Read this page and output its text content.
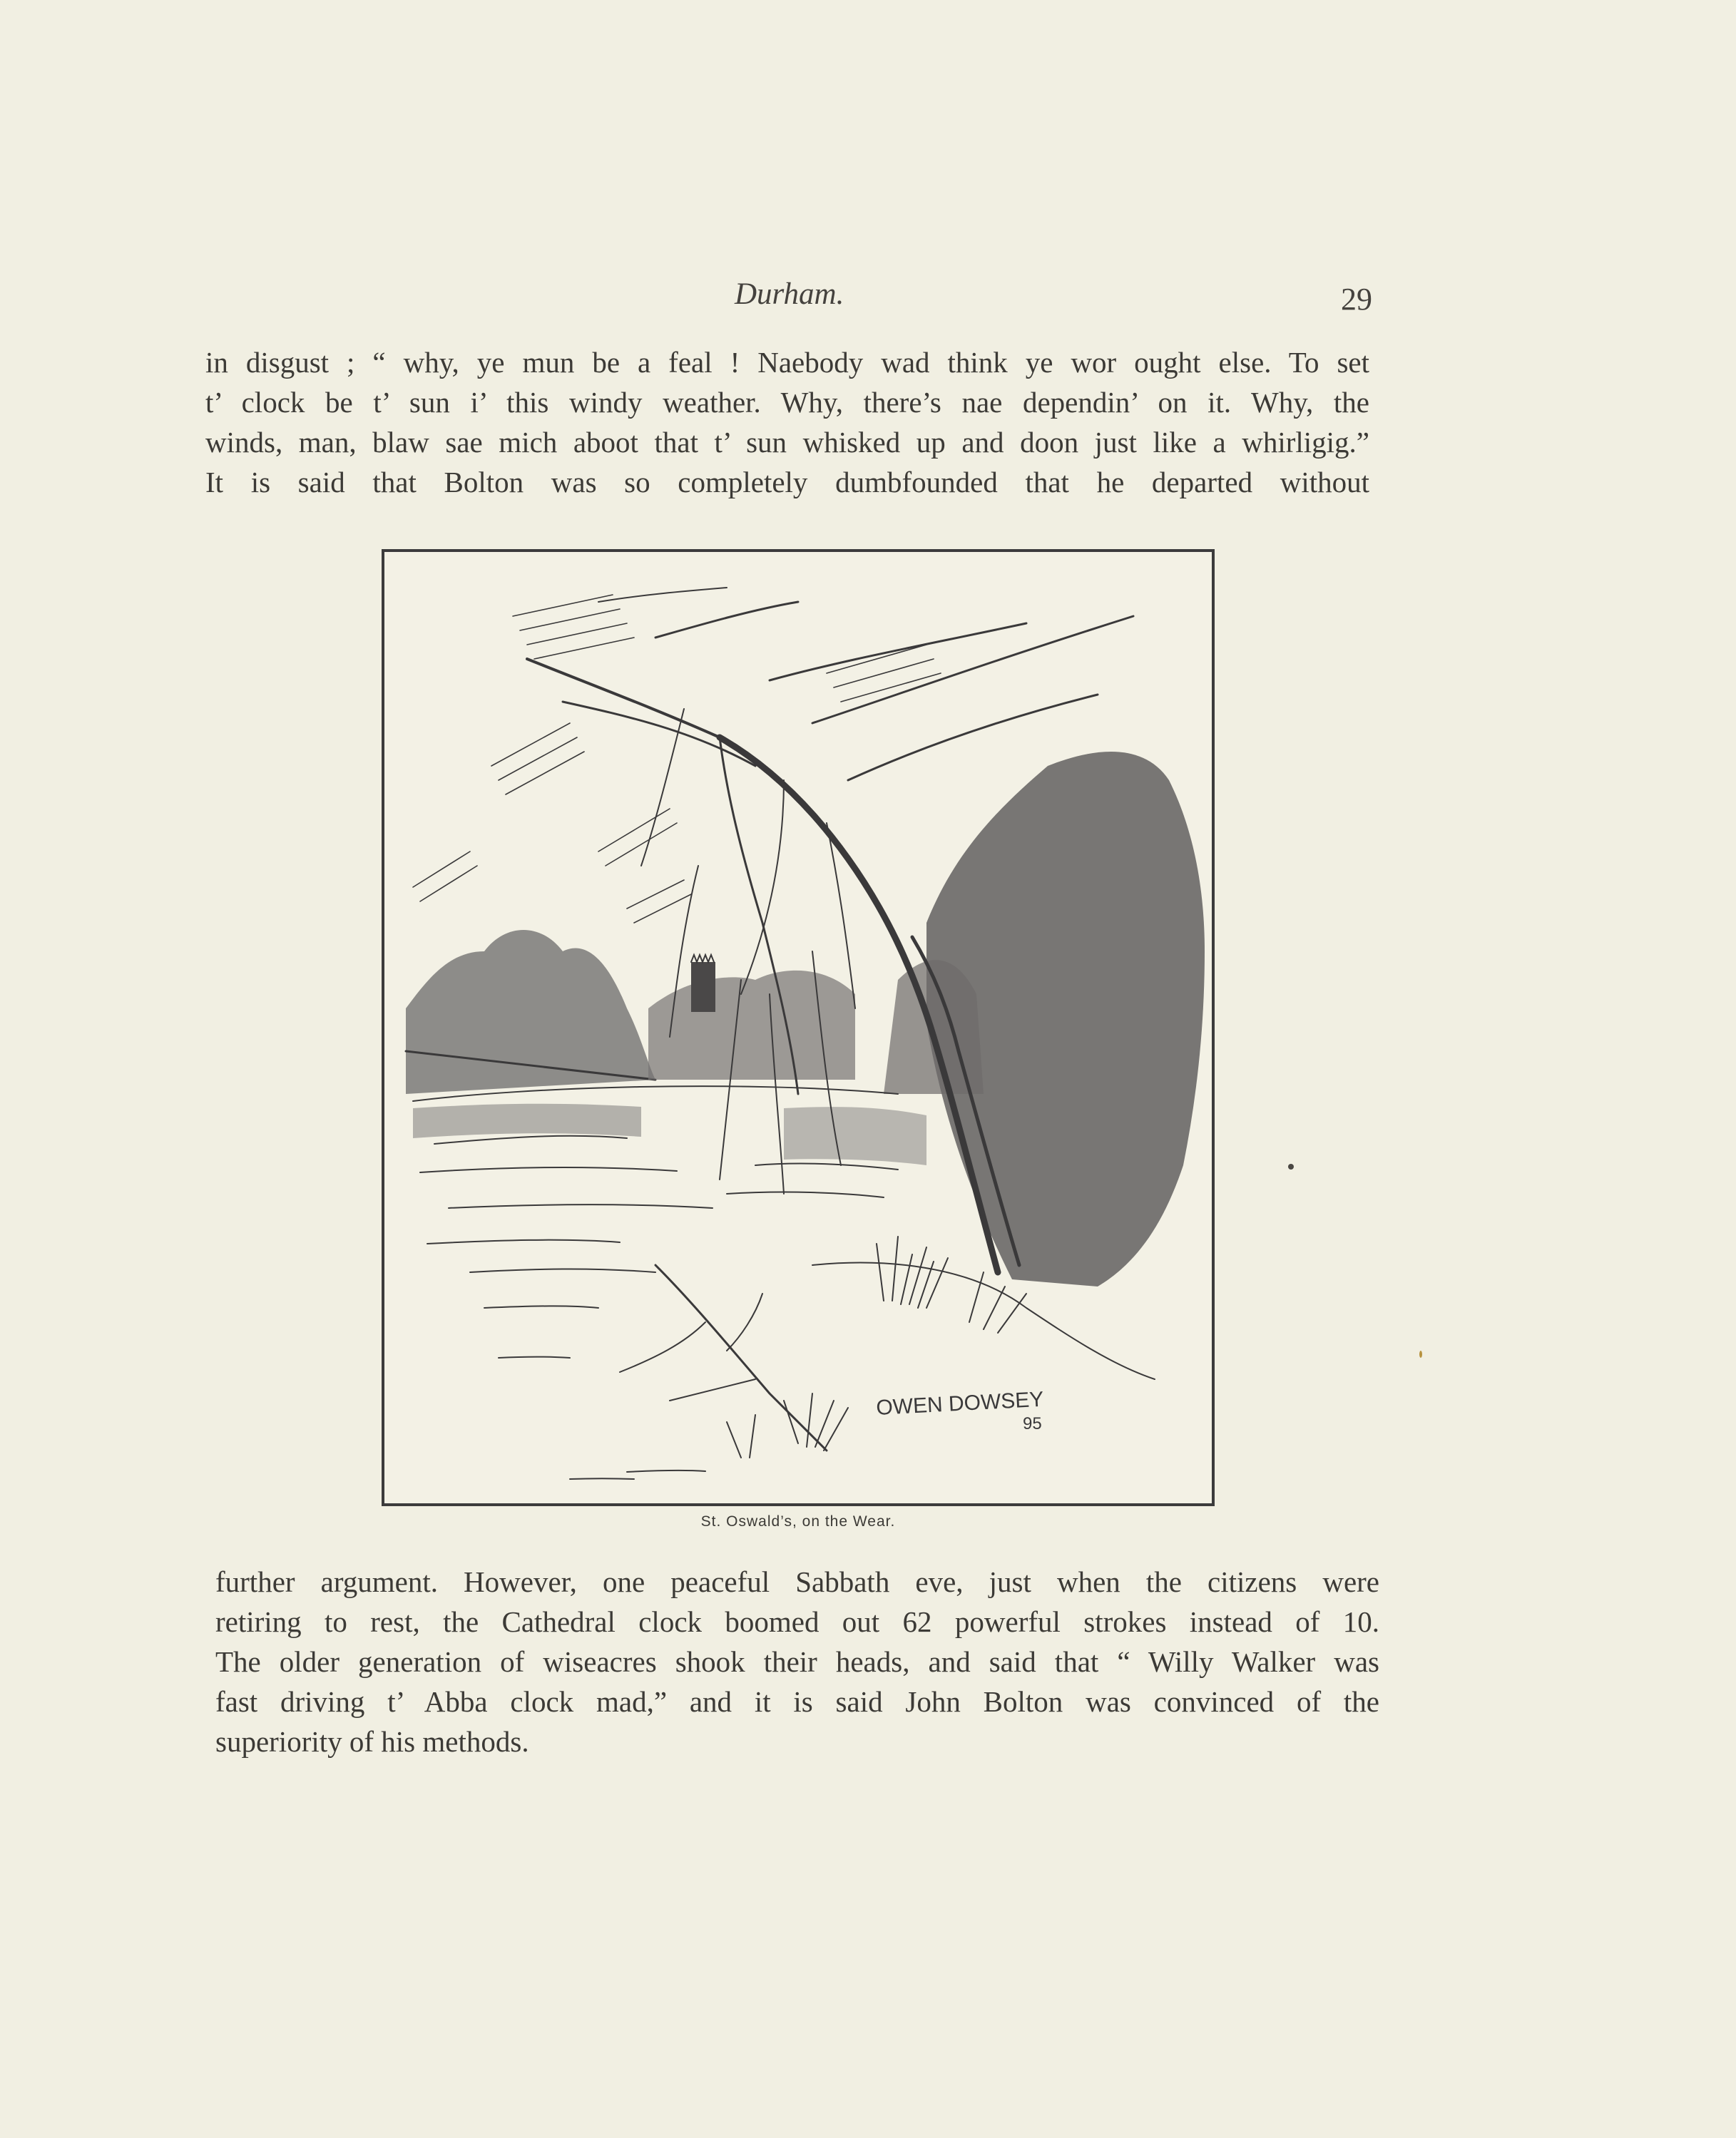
Durham.	29
in disgust ; “ why, ye mun be a feal ! Naebody wad think ye wor ought else. To set
t’ clock be t’ sun i’ this windy weather. Why, there’s nae dependin’ on it. Why, the
winds, man, blaw sae mich aboot that t’ sun whisked up and doon just like a whirligig.”
It is said that Bolton was so completely dumbfounded that he departed without
OWEN DOWSEY
95
St. Oswald’s, on the Wear.
further argument. However, one peaceful Sabbath eve, just when the citizens were
retiring to rest, the Cathedral clock boomed out 62 powerful strokes instead of 10.
The older generation of wiseacres shook their heads, and said that “ Willy Walker was
fast driving t’ Abba clock mad,” and it is said John Bolton was convinced of the
superiority of his methods.
